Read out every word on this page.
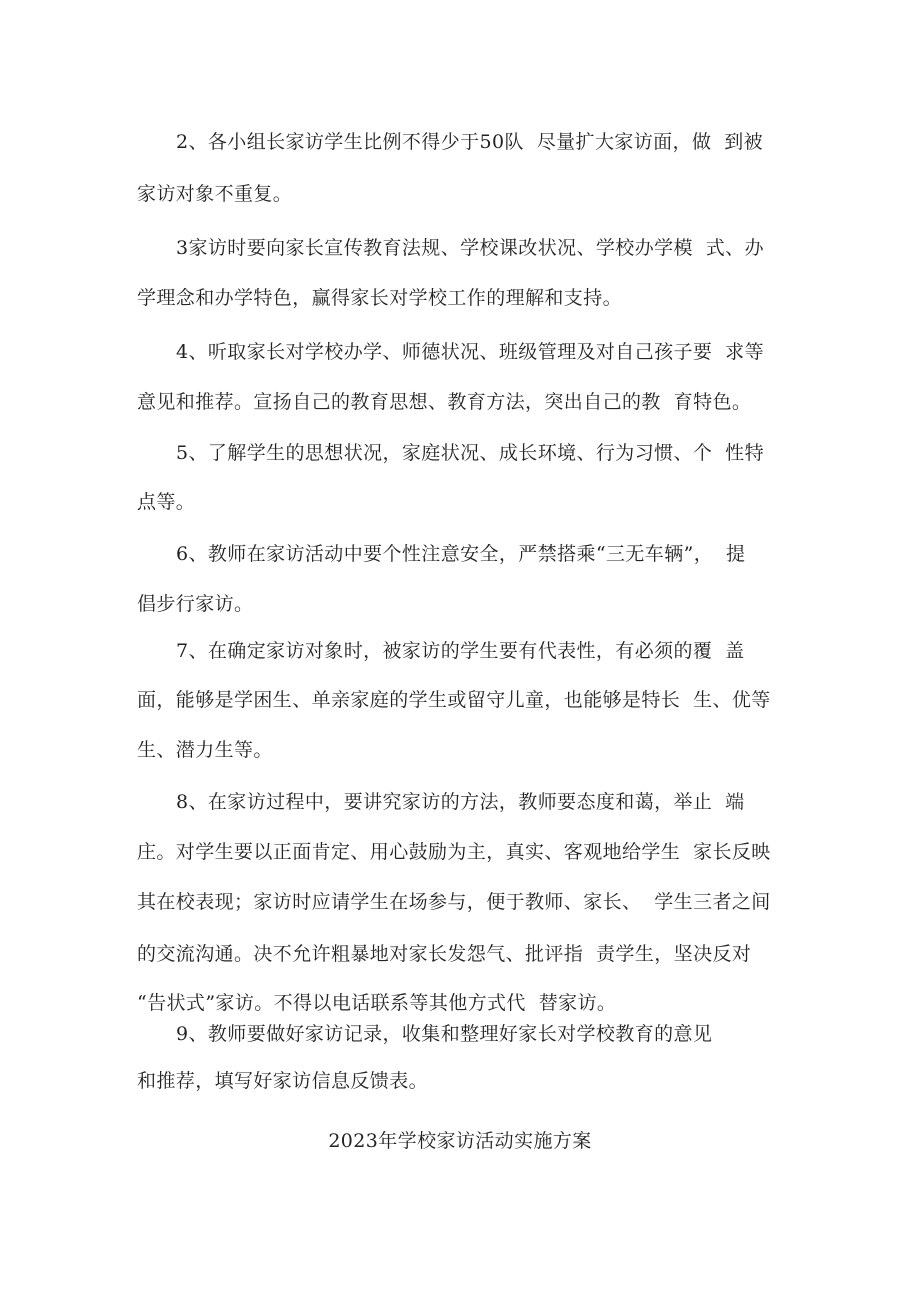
2、各小组长家访学生比例不得少于50队  尽量扩大家访面，做  到被
家访对象不重复。
3家访时要向家长宣传教育法规、学校课改状况、学校办学模  式、办
学理念和办学特色，赢得家长对学校工作的理解和支持。
4、听取家长对学校办学、师德状况、班级管理及对自己孩子要  求等
意见和推荐。宣扬自己的教育思想、教育方法，突出自己的教  育特色。
5、了解学生的思想状况，家庭状况、成长环境、行为习惯、个  性特
点等。
6、教师在家访活动中要个性注意安全，严禁搭乘“三无车辆”，  提
倡步行家访。
7、在确定家访对象时，被家访的学生要有代表性，有必须的覆  盖
面，能够是学困生、单亲家庭的学生或留守儿童，也能够是特长  生、优等
生、潜力生等。
8、在家访过程中，要讲究家访的方法，教师要态度和蔼，举止  端
庄。对学生要以正面肯定、用心鼓励为主，真实、客观地给学生  家长反映
其在校表现；家访时应请学生在场参与，便于教师、家长、  学生三者之间
的交流沟通。决不允许粗暴地对家长发怨气、批评指  责学生，坚决反对
“告状式”家访。不得以电话联系等其他方式代  替家访。
9、教师要做好家访记录，收集和整理好家长对学校教育的意见
和推荐，填写好家访信息反馈表。
2023年学校家访活动实施方案
